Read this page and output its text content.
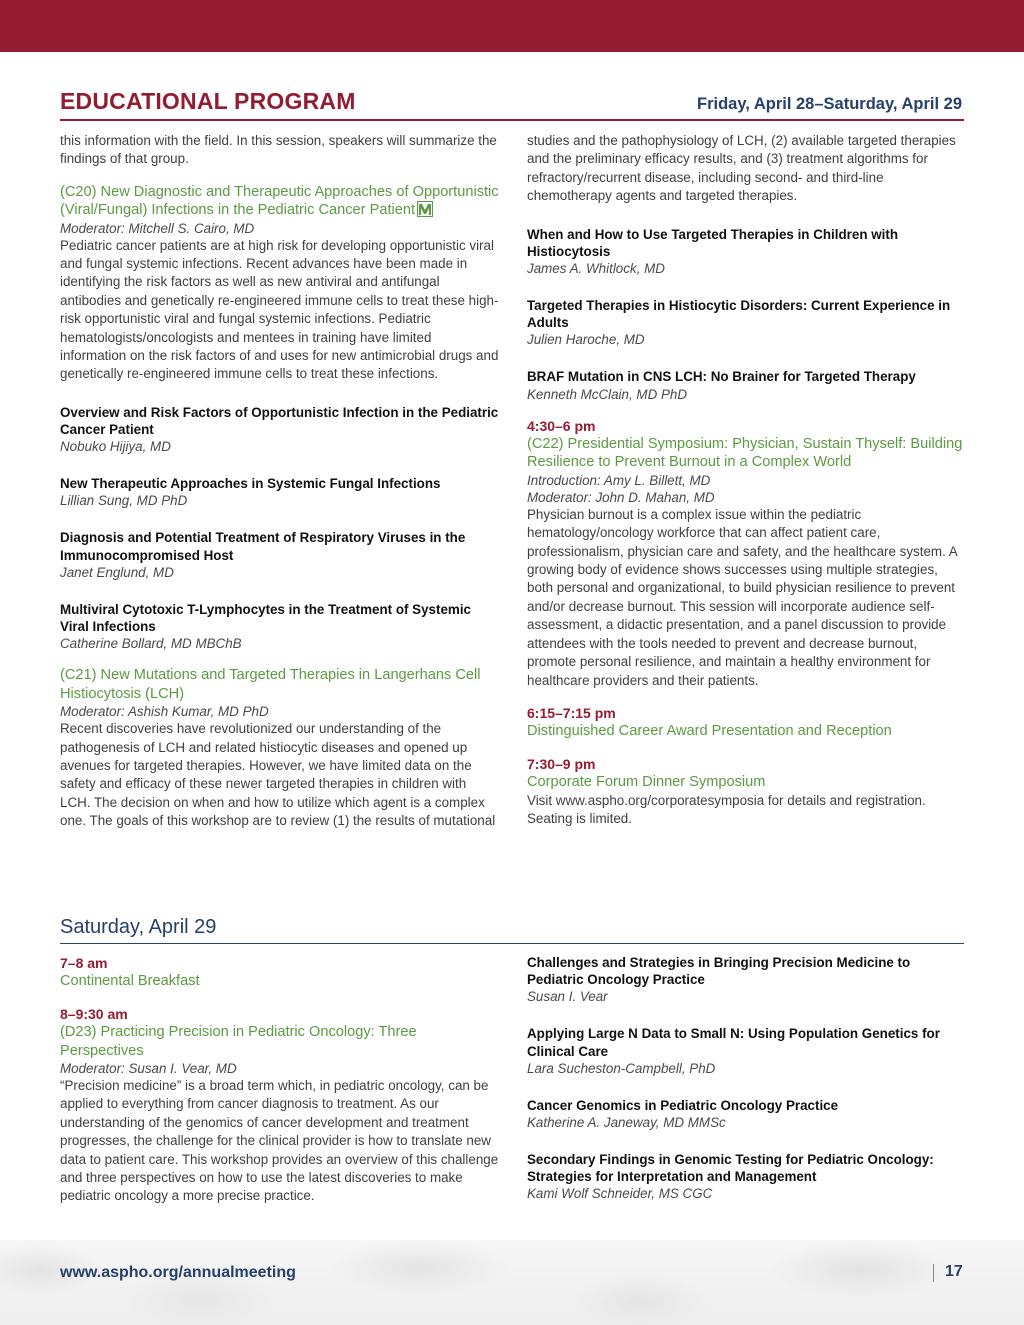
EDUCATIONAL PROGRAM	Friday, April 28–Saturday, April 29
this information with the field. In this session, speakers will summarize the findings of that group.
(C20) New Diagnostic and Therapeutic Approaches of Opportunistic (Viral/Fungal) Infections in the Pediatric Cancer Patient
Moderator: Mitchell S. Cairo, MD
Pediatric cancer patients are at high risk for developing opportunistic viral and fungal systemic infections. Recent advances have been made in identifying the risk factors as well as new antiviral and antifungal antibodies and genetically re-engineered immune cells to treat these high-risk opportunistic viral and fungal systemic infections. Pediatric hematologists/oncologists and mentees in training have limited information on the risk factors of and uses for new antimicrobial drugs and genetically re-engineered immune cells to treat these infections.
Overview and Risk Factors of Opportunistic Infection in the Pediatric Cancer Patient
Nobuko Hijiya, MD
New Therapeutic Approaches in Systemic Fungal Infections
Lillian Sung, MD PhD
Diagnosis and Potential Treatment of Respiratory Viruses in the Immunocompromised Host
Janet Englund, MD
Multiviral Cytotoxic T-Lymphocytes in the Treatment of Systemic Viral Infections
Catherine Bollard, MD MBChB
(C21) New Mutations and Targeted Therapies in Langerhans Cell Histiocytosis (LCH)
Moderator: Ashish Kumar, MD PhD
Recent discoveries have revolutionized our understanding of the pathogenesis of LCH and related histiocytic diseases and opened up avenues for targeted therapies. However, we have limited data on the safety and efficacy of these newer targeted therapies in children with LCH. The decision on when and how to utilize which agent is a complex one. The goals of this workshop are to review (1) the results of mutational
studies and the pathophysiology of LCH, (2) available targeted therapies and the preliminary efficacy results, and (3) treatment algorithms for refractory/recurrent disease, including second- and third-line chemotherapy agents and targeted therapies.
When and How to Use Targeted Therapies in Children with Histiocytosis
James A. Whitlock, MD
Targeted Therapies in Histiocytic Disorders: Current Experience in Adults
Julien Haroche, MD
BRAF Mutation in CNS LCH: No Brainer for Targeted Therapy
Kenneth McClain, MD PhD
4:30–6 pm
(C22) Presidential Symposium: Physician, Sustain Thyself: Building Resilience to Prevent Burnout in a Complex World
Introduction: Amy L. Billett, MD
Moderator: John D. Mahan, MD
Physician burnout is a complex issue within the pediatric hematology/oncology workforce that can affect patient care, professionalism, physician care and safety, and the healthcare system. A growing body of evidence shows successes using multiple strategies, both personal and organizational, to build physician resilience to prevent and/or decrease burnout. This session will incorporate audience self-assessment, a didactic presentation, and a panel discussion to provide attendees with the tools needed to prevent and decrease burnout, promote personal resilience, and maintain a healthy environment for healthcare providers and their patients.
6:15–7:15 pm
Distinguished Career Award Presentation and Reception
7:30–9 pm
Corporate Forum Dinner Symposium
Visit www.aspho.org/corporatesymposia for details and registration. Seating is limited.
Saturday, April 29
7–8 am
Continental Breakfast
8–9:30 am
(D23) Practicing Precision in Pediatric Oncology: Three Perspectives
Moderator: Susan I. Vear, MD
“Precision medicine” is a broad term which, in pediatric oncology, can be applied to everything from cancer diagnosis to treatment. As our understanding of the genomics of cancer development and treatment progresses, the challenge for the clinical provider is how to translate new data to patient care. This workshop provides an overview of this challenge and three perspectives on how to use the latest discoveries to make pediatric oncology a more precise practice.
Challenges and Strategies in Bringing Precision Medicine to Pediatric Oncology Practice
Susan I. Vear
Applying Large N Data to Small N: Using Population Genetics for Clinical Care
Lara Sucheston-Campbell, PhD
Cancer Genomics in Pediatric Oncology Practice
Katherine A. Janeway, MD MMSc
Secondary Findings in Genomic Testing for Pediatric Oncology: Strategies for Interpretation and Management
Kami Wolf Schneider, MS CGC
www.aspho.org/annualmeeting	17
